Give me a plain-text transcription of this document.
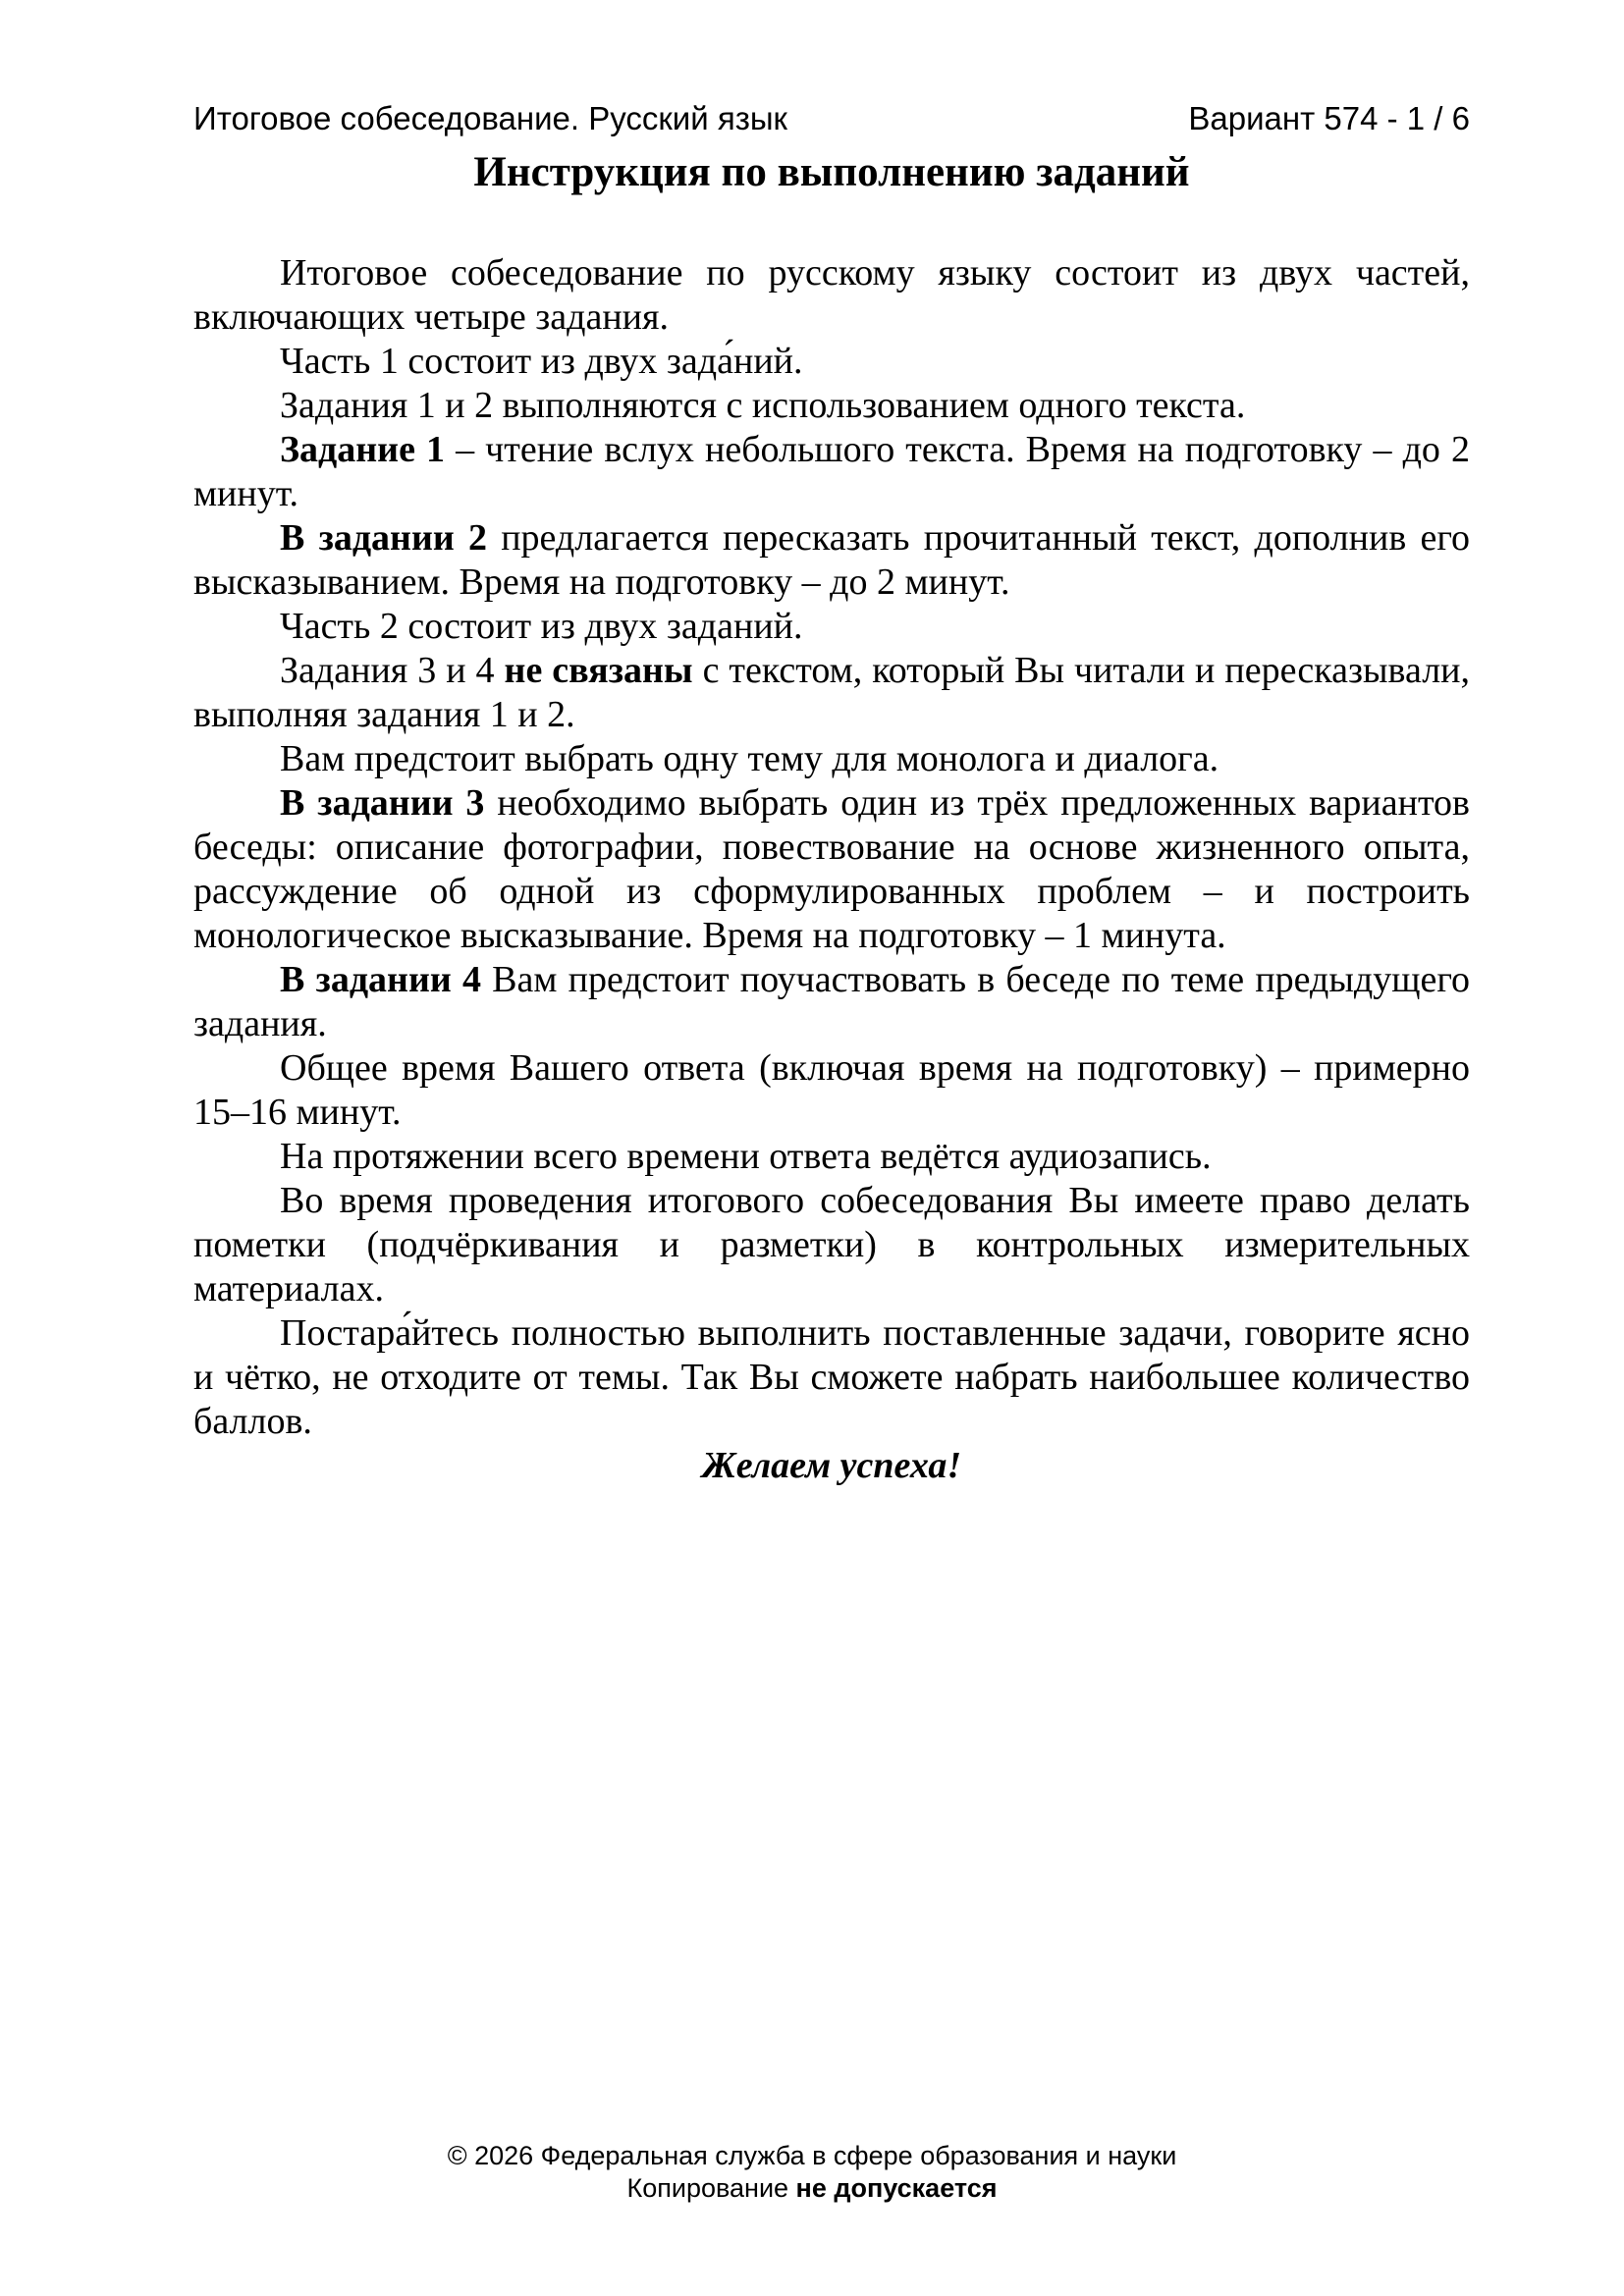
Итоговое собеседование. Русский язык	Вариант 574 - 1 / 6
Инструкция по выполнению заданий

Итоговое собеседование по русскому языку состоит из двух частей, включающих четыре задания.

Часть 1 состоит из двух зада́ний.

Задания 1 и 2 выполняются с использованием одного текста.

Задание 1 – чтение вслух небольшого текста. Время на подготовку – до 2 минут.

В задании 2 предлагается пересказать прочитанный текст, дополнив его высказыванием. Время на подготовку – до 2 минут.

Часть 2 состоит из двух заданий.

Задания 3 и 4 не связаны с текстом, который Вы читали и пересказывали, выполняя задания 1 и 2.

Вам предстоит выбрать одну тему для монолога и диалога.

В задании 3 необходимо выбрать один из трёх предложенных вариантов беседы: описание фотографии, повествование на основе жизненного опыта, рассуждение об одной из сформулированных проблем – и построить монологическое высказывание. Время на подготовку – 1 минута.

В задании 4 Вам предстоит поучаствовать в беседе по теме предыдущего задания.

Общее время Вашего ответа (включая время на подготовку) – примерно 15–16 минут.

На протяжении всего времени ответа ведётся аудиозапись.

Во время проведения итогового собеседования Вы имеете право делать пометки (подчёркивания и разметки) в контрольных измерительных материалах.

Постара́йтесь полностью выполнить поставленные задачи, говорите ясно и чётко, не отходите от темы. Так Вы сможете набрать наибольшее количество баллов.

Желаем успеха!

© 2026 Федеральная служба в сфере образования и науки
Копирование не допускается
